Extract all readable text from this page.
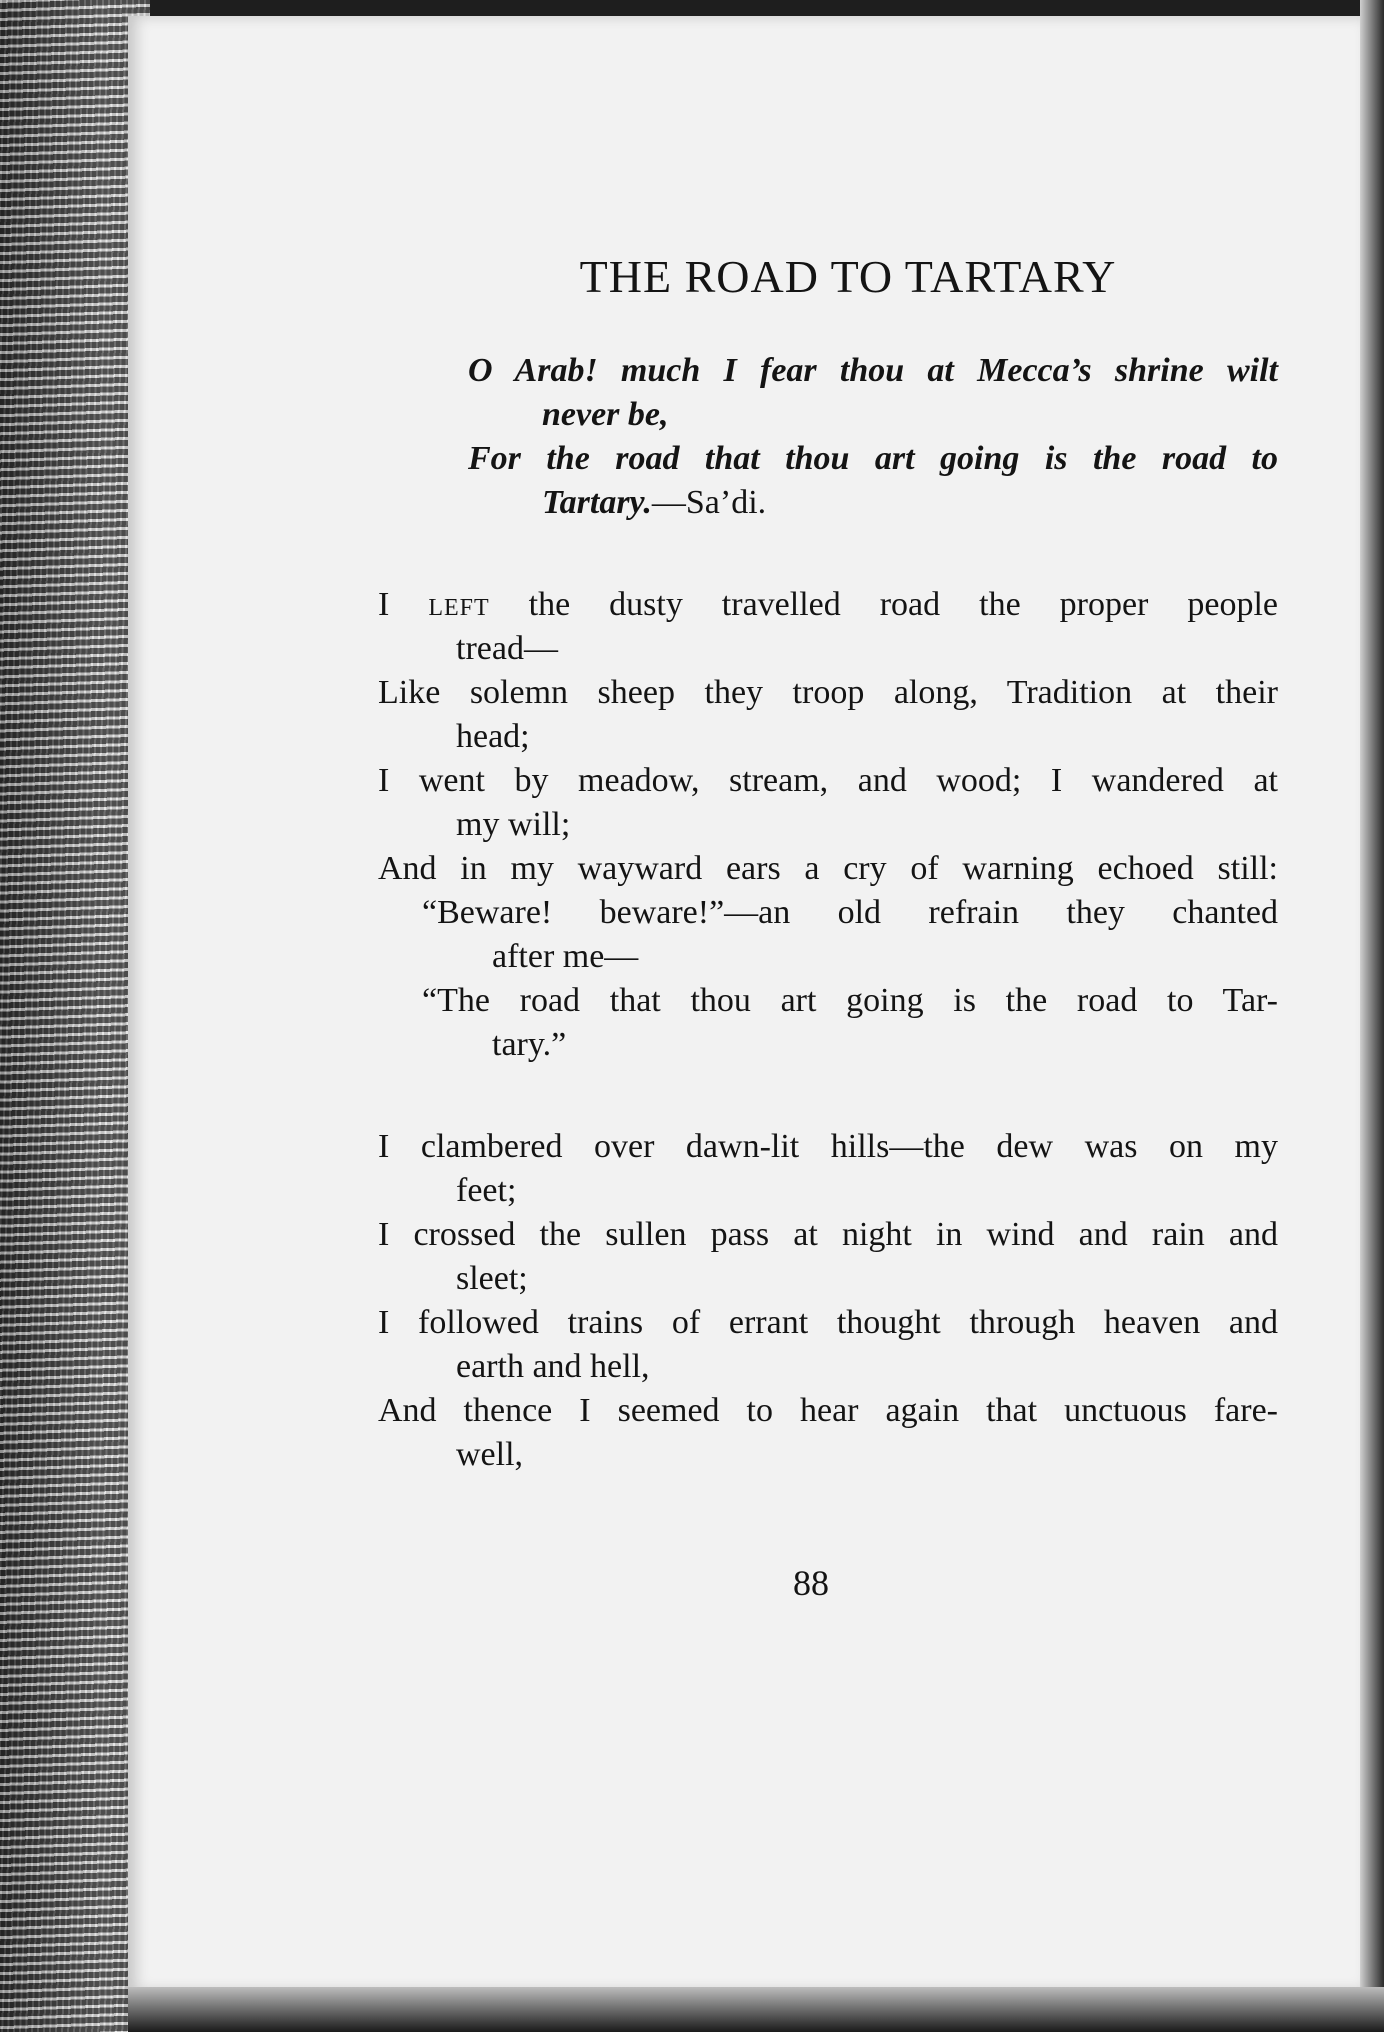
THE ROAD TO TARTARY
O Arab! much I fear thou at Mecca’s shrine wilt
never be,
For the road that thou art going is the road to
Tartary.—Sa’di.
I left the dusty travelled road the proper people
tread—
Like solemn sheep they troop along, Tradition at their
head;
I went by meadow, stream, and wood; I wandered at
my will;
And in my wayward ears a cry of warning echoed still:
“Beware! beware!”—an old refrain they chanted
after me—
“The road that thou art going is the road to Tar-
tary.”
I clambered over dawn-lit hills—the dew was on my
feet;
I crossed the sullen pass at night in wind and rain and
sleet;
I followed trains of errant thought through heaven and
earth and hell,
And thence I seemed to hear again that unctuous fare-
well,
88
